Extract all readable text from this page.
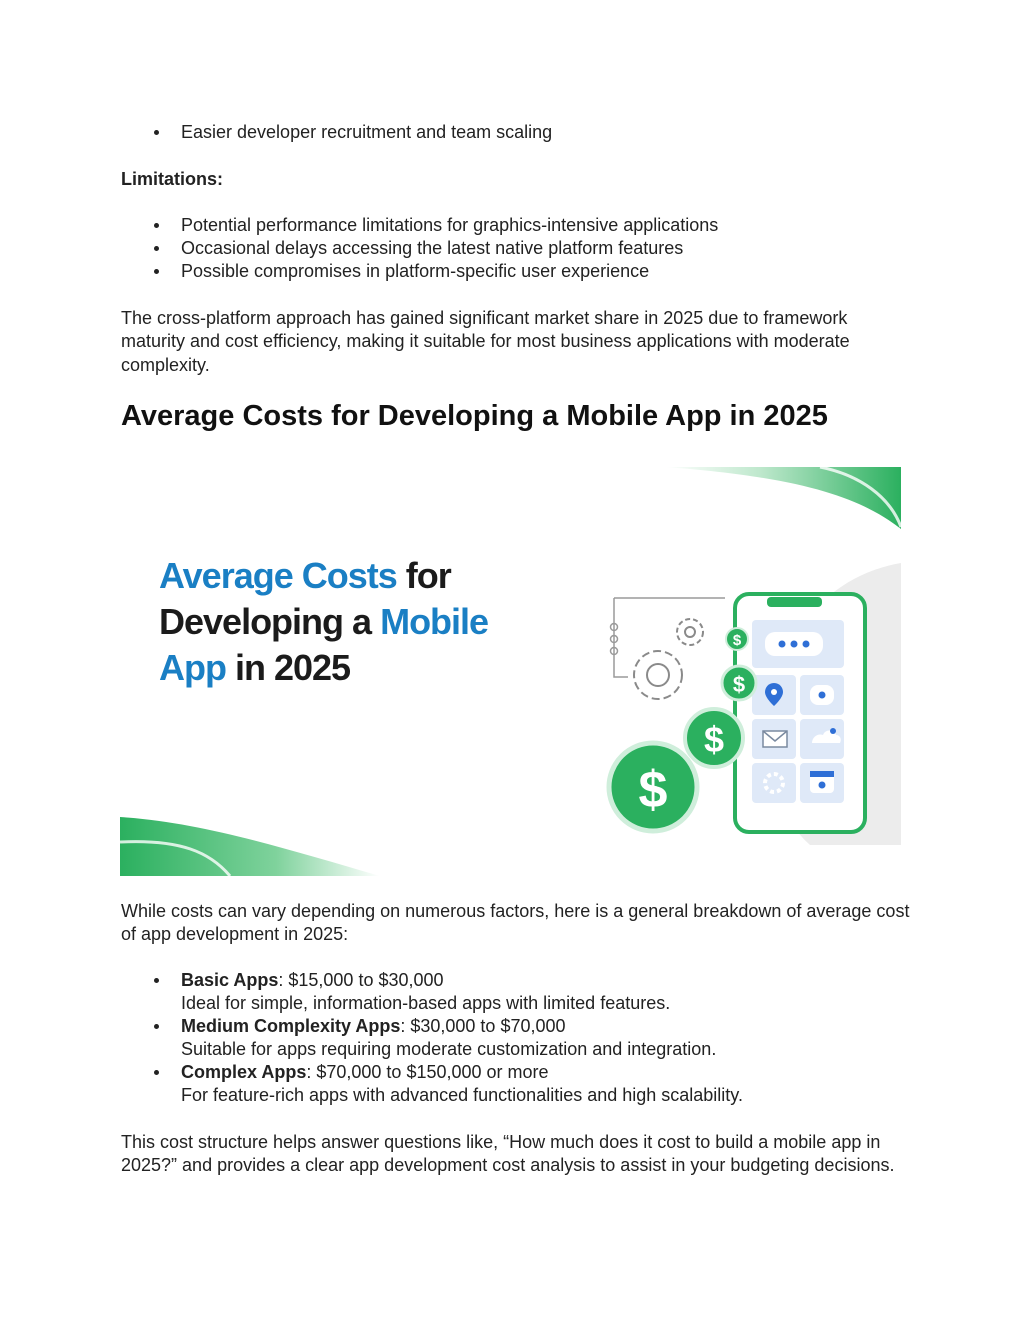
Easier developer recruitment and team scaling

Limitations:

Potential performance limitations for graphics-intensive applications
Occasional delays accessing the latest native platform features
Possible compromises in platform-specific user experience

The cross-platform approach has gained significant market share in 2025 due to framework maturity and cost efficiency, making it suitable for most business applications with moderate complexity.

Average Costs for Developing a Mobile App in 2025

While costs can vary depending on numerous factors, here is a general breakdown of average cost of app development in 2025:

Basic Apps: $15,000 to $30,000
Ideal for simple, information-based apps with limited features.
Medium Complexity Apps: $30,000 to $70,000
Suitable for apps requiring moderate customization and integration.
Complex Apps: $70,000 to $150,000 or more
For feature-rich apps with advanced functionalities and high scalability.

This cost structure helps answer questions like, “How much does it cost to build a mobile app in 2025?” and provides a clear app development cost analysis to assist in your budgeting decisions.

$
$
$
$
Average Costs for
Developing a Mobile
App in 2025
